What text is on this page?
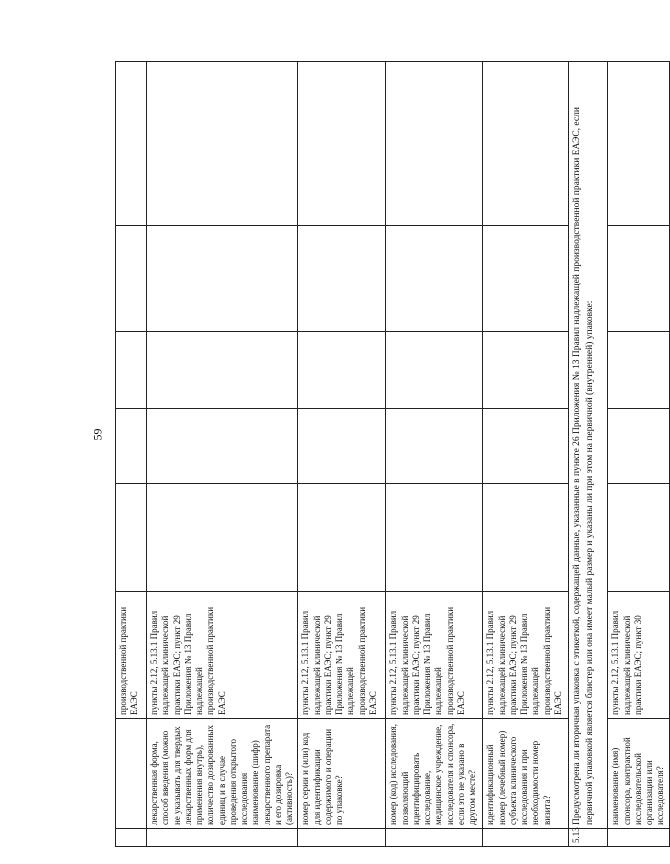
59
		производственной практики ЕАЭС					
	лекарственная форма, способ введения (можно не указывать для твердых лекарственных форм для применения внутрь), количество дозированных единиц и в случае проведения открытого исследования наименование (шифр) лекарственного препарата и его дозировка (активность)?	пункты 2.12, 5.13.1 Правил надлежащей клинической практики ЕАЭС; пункт 29 Приложения № 13 Правил надлежащей производственной практики ЕАЭС					
	номер серии и (или) код для идентификации содержимого и операции по упаковке?	пункты 2.12, 5.13.1 Правил надлежащей клинической практики ЕАЭС; пункт 29 Приложения № 13 Правил надлежащей производственной практики ЕАЭС					
	номер (код) исследования, позволяющий идентифицировать исследование, медицинское учреждение, исследователя и спонсора, если это не указано в другом месте?	пункты 2.12, 5.13.1 Правил надлежащей клинической практики ЕАЭС; пункт 29 Приложения № 13 Правил надлежащей производственной практики ЕАЭС					
	идентификационный номер (лечебный номер) субъекта клинического исследования и при необходимости номер визита?	пункты 2.12, 5.13.1 Правил надлежащей клинической практики ЕАЭС; пункт 29 Приложения № 13 Правил надлежащей производственной практики ЕАЭС					
5.13	Предусмотрена ли вторичная упаковка с этикеткой, содержащей данные, указанные в пункте 26 Приложения № 13 Правил надлежащей производственной практики ЕАЭС, если первичной упаковкой является блистер или она имеет малый размер и указаны ли при этом на первичной (внутренней) упаковке:						
	наименование (имя) спонсора, контрактной исследовательской организации или исследователя?	пункты 2.12, 5.13.1 Правил надлежащей клинической практики ЕАЭС; пункт 30					
